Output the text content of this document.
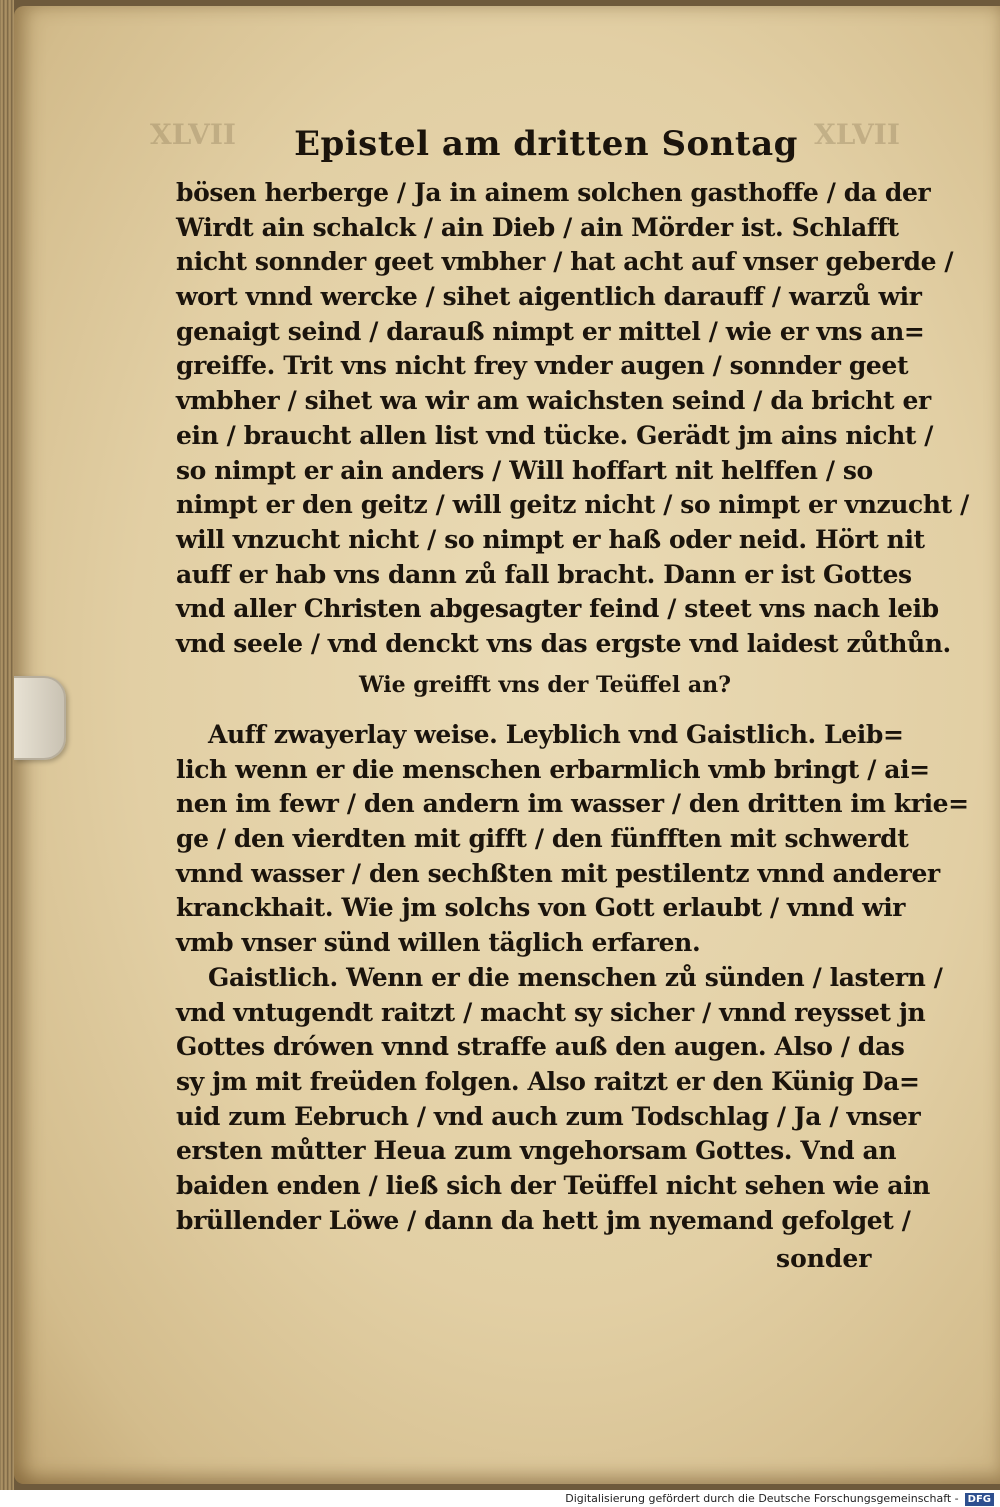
XLVII	XLVII
Epistel am dritten Sontag
bösen herberge / Ja in ainem solchen gasthoffe / da der
Wirdt ain schalck / ain Dieb / ain Mörder ist. Schlafft
nicht sonnder geet vmbher / hat acht auf vnser geberde /
wort vnnd wercke / sihet aigentlich darauff / warzů wir
genaigt seind / darauß nimpt er mittel / wie er vns an=
greiffe. Trit vns nicht frey vnder augen / sonnder geet
vmbher / sihet wa wir am waichsten seind / da bricht er
ein / braucht allen list vnd tücke. Gerädt jm ains nicht /
so nimpt er ain anders / Will hoffart nit helffen / so
nimpt er den geitz / will geitz nicht / so nimpt er vnzucht /
will vnzucht nicht / so nimpt er haß oder neid. Hört nit
auff er hab vns dann zů fall bracht. Dann er ist Gottes
vnd aller Christen abgesagter feind / steet vns nach leib
vnd seele / vnd denckt vns das ergste vnd laidest zůthůn.
Wie greifft vns der Teüffel an?
Auff zwayerlay weise. Leyblich vnd Gaistlich. Leib=
lich wenn er die menschen erbarmlich vmb bringt / ai=
nen im fewr / den andern im wasser / den dritten im krie=
ge / den vierdten mit gifft / den fünfften mit schwerdt
vnnd wasser / den sechßten mit pestilentz vnnd anderer
kranckhait. Wie jm solchs von Gott erlaubt / vnnd wir
vmb vnser sünd willen täglich erfaren.
Gaistlich. Wenn er die menschen zů sünden / lastern /
vnd vntugendt raitzt / macht sy sicher / vnnd reysset jn
Gottes drówen vnnd straffe auß den augen. Also / das
sy jm mit freüden folgen. Also raitzt er den Künig Da=
uid zum Eebruch / vnd auch zum Todschlag / Ja / vnser
ersten můtter Heua zum vngehorsam Gottes. Vnd an
baiden enden / ließ sich der Teüffel nicht sehen wie ain
brüllender Löwe / dann da hett jm nyemand gefolget /
sonder
Digitalisierung gefördert durch die Deutsche Forschungsgemeinschaft - DFG
